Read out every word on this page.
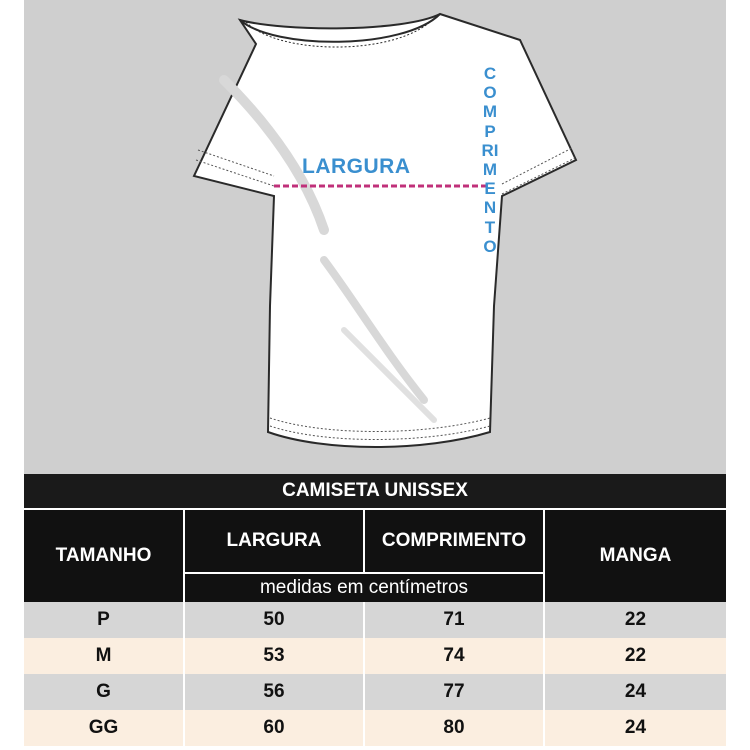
LARGURA
COMPRIMENTO
CAMISETA UNISSEX			
TAMANHO	LARGURA	COMPRIMENTO	MANGA
	medidas em centímetros		
P	50	71	22
M	53	74	22
G	56	77	24
GG	60	80	24
